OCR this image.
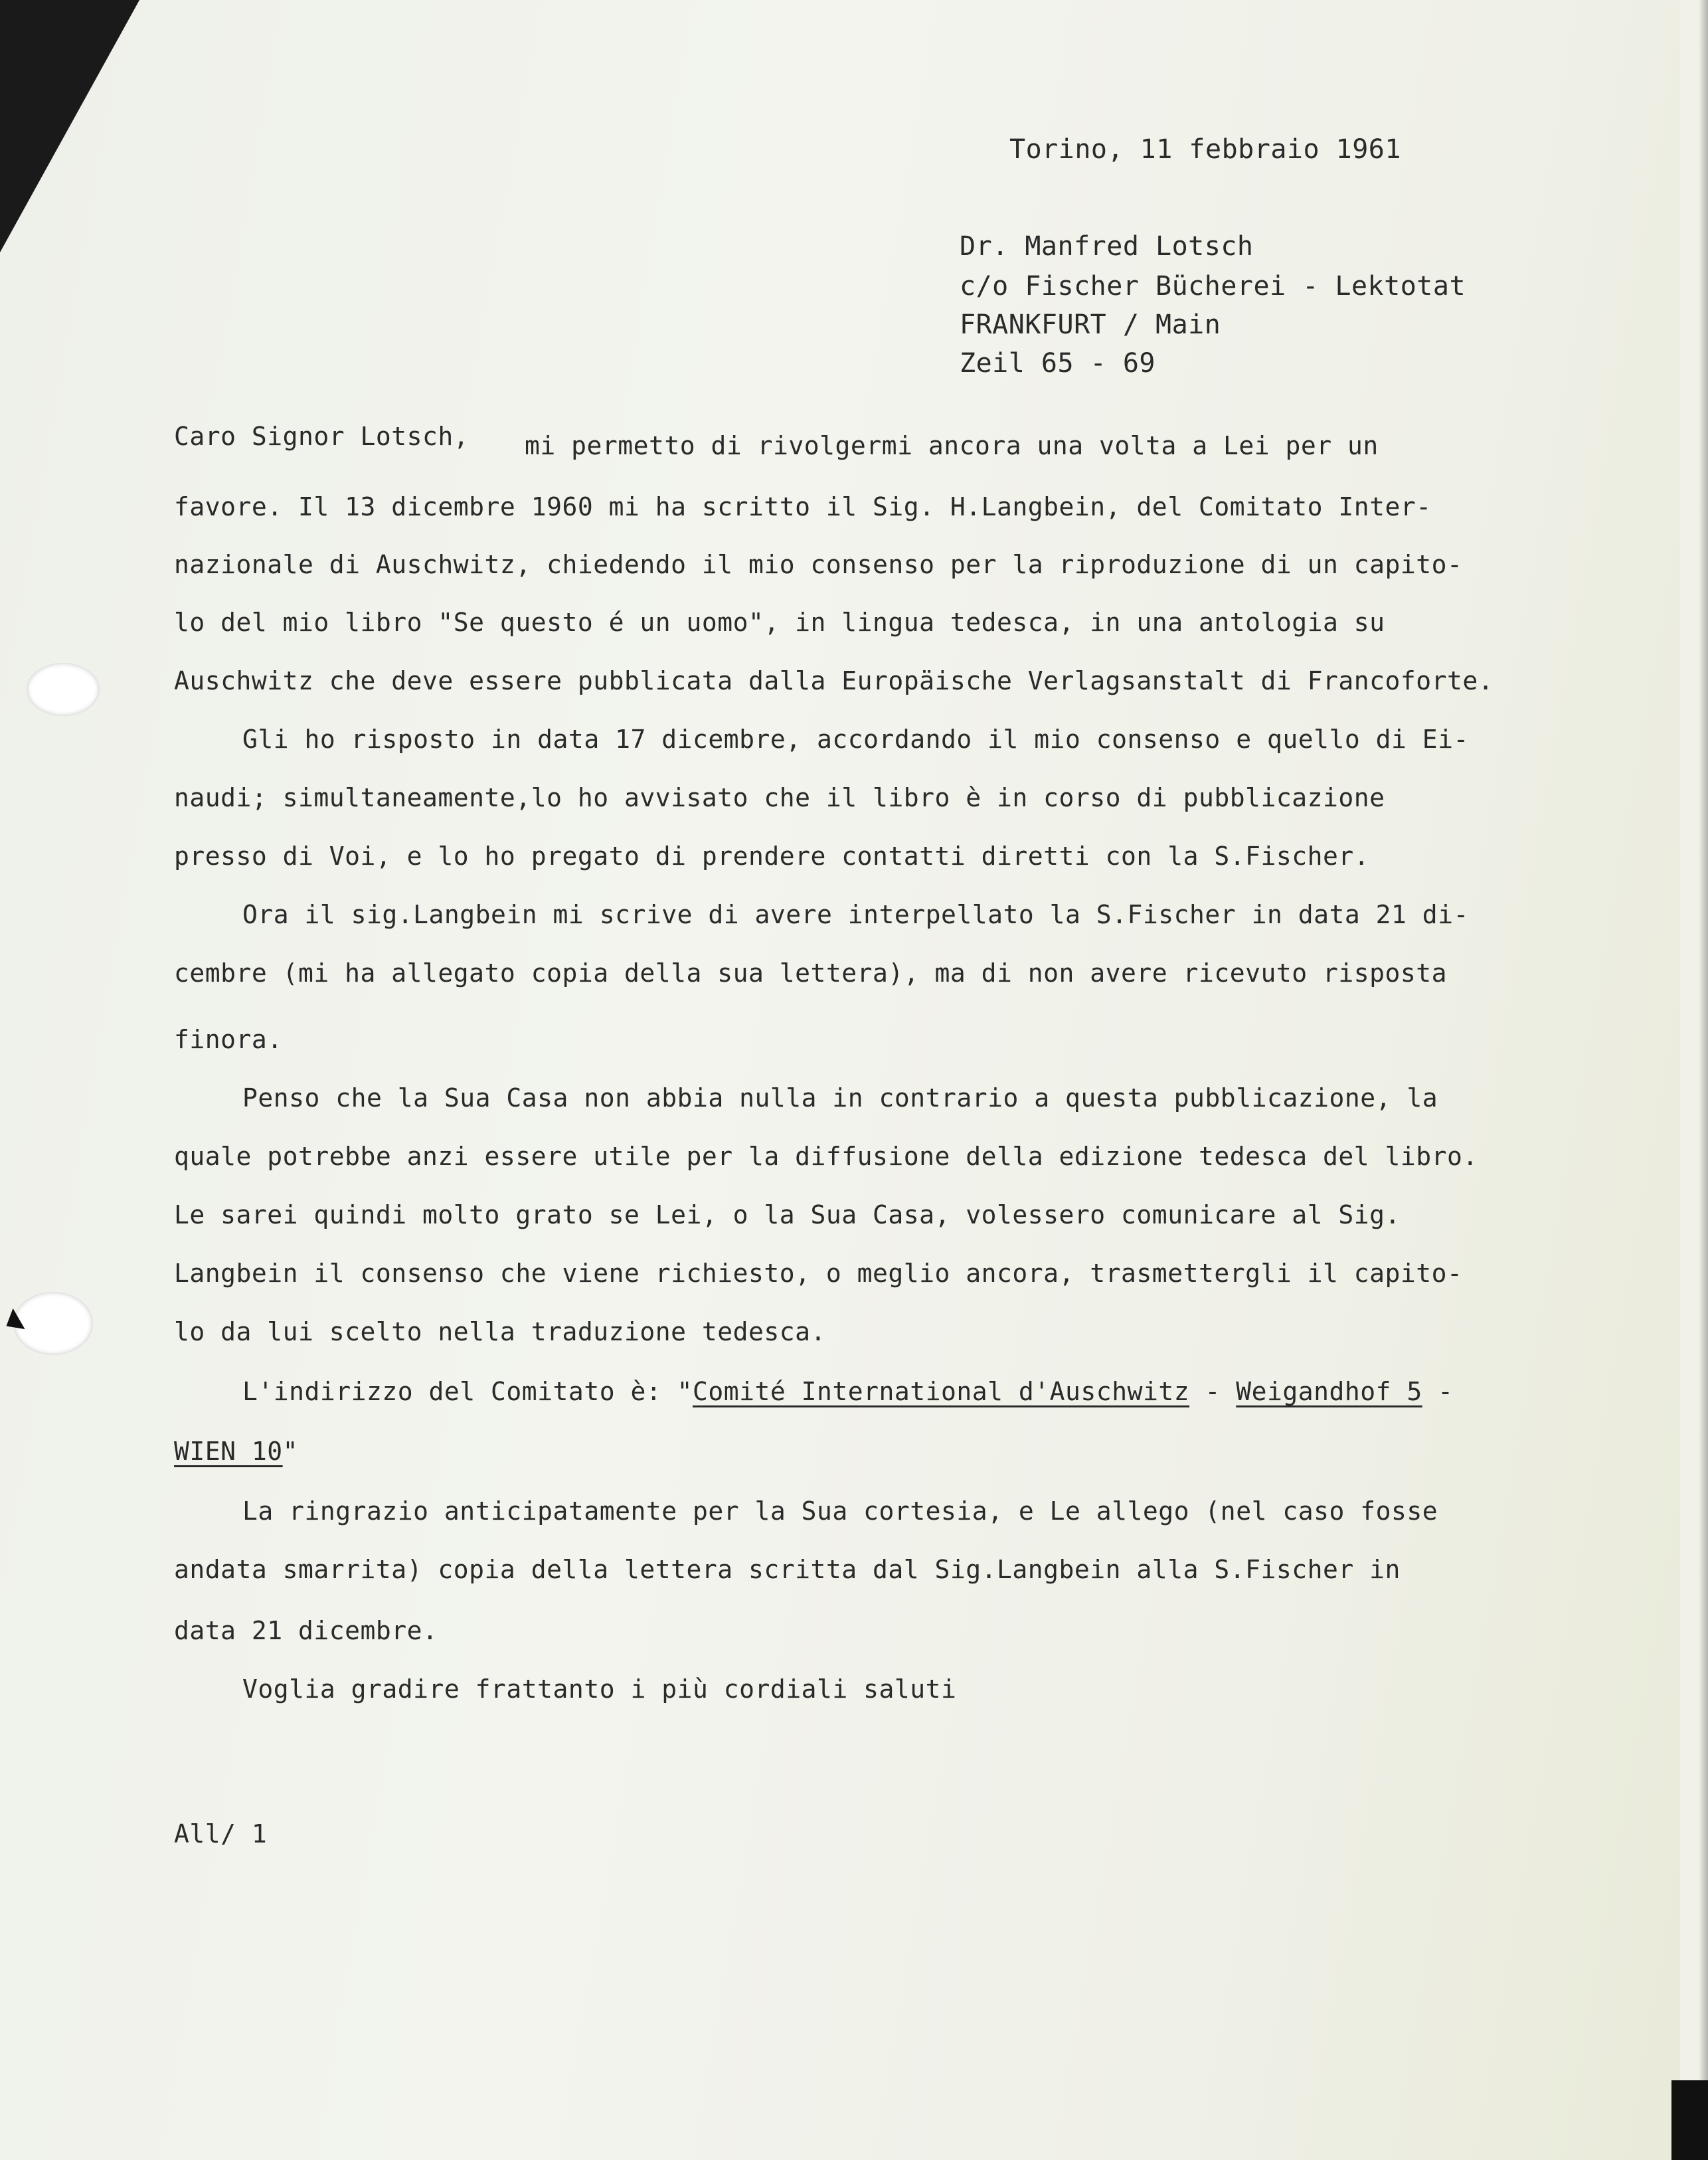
Torino, 11 febbraio 1961
Dr. Manfred Lotsch
c/o Fischer Bücherei - Lektotat
FRANKFURT / Main
Zeil 65 - 69
Caro Signor Lotsch, mi permetto di rivolgermi ancora una volta a Lei per un
favore. Il 13 dicembre 1960 mi ha scritto il Sig. H.Langbein, del Comitato Inter-
nazionale di Auschwitz, chiedendo il mio consenso per la riproduzione di un capito-
lo del mio libro "Se questo é un uomo", in lingua tedesca, in una antologia su
Auschwitz che deve essere pubblicata dalla Europäische Verlagsanstalt di Francoforte.
Gli ho risposto in data 17 dicembre, accordando il mio consenso e quello di Ei-
naudi; simultaneamente,lo ho avvisato che il libro è in corso di pubblicazione
presso di Voi, e lo ho pregato di prendere contatti diretti con la S.Fischer.
Ora il sig.Langbein mi scrive di avere interpellato la S.Fischer in data 21 di-
cembre (mi ha allegato copia della sua lettera), ma di non avere ricevuto risposta
finora.
Penso che la Sua Casa non abbia nulla in contrario a questa pubblicazione, la
quale potrebbe anzi essere utile per la diffusione della edizione tedesca del libro.
Le sarei quindi molto grato se Lei, o la Sua Casa, volessero comunicare al Sig.
Langbein il consenso che viene richiesto, o meglio ancora, trasmettergli il capito-
lo da lui scelto nella traduzione tedesca.
L'indirizzo del Comitato è: "Comité International d'Auschwitz - Weigandhof 5 -
WIEN 10"
La ringrazio anticipatamente per la Sua cortesia, e Le allego (nel caso fosse
andata smarrita) copia della lettera scritta dal Sig.Langbein alla S.Fischer in
data 21 dicembre.
Voglia gradire frattanto i più cordiali saluti
All/ 1
